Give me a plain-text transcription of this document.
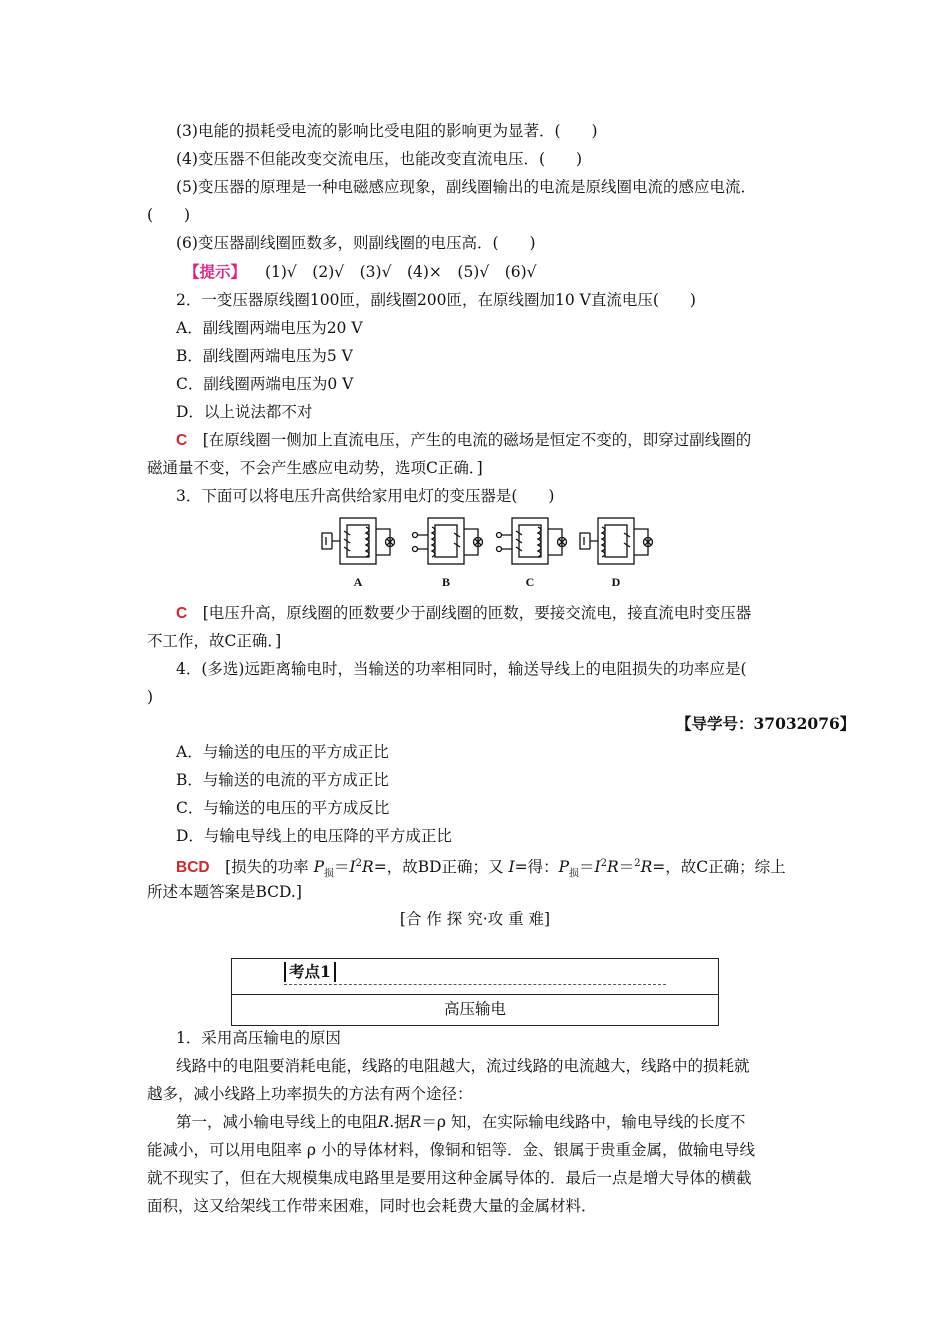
(3)电能的损耗受电流的影响比受电阻的影响更为显著．(　　)
(4)变压器不但能改变交流电压，也能改变直流电压．(　　)
(5)变压器的原理是一种电磁感应现象，副线圈输出的电流是原线圈电流的感应电流．
(　　)
(6)变压器副线圈匝数多，则副线圈的电压高．(　　)
【提示】 (1)√　(2)√　(3)√　(4)×　(5)√　(6)√
2．一变压器原线圈100匝，副线圈200匝，在原线圈加10 V直流电压(　　)
A．副线圈两端电压为20 V
B．副线圈两端电压为5 V
C．副线圈两端电压为0 V
D．以上说法都不对
C　[在原线圈一侧加上直流电压，产生的电流的磁场是恒定不变的，即穿过副线圈的
磁通量不变，不会产生感应电动势，选项C正确．]
3．下面可以将电压升高供给家用电灯的变压器是(　　)
A	B	C	D
C　[电压升高，原线圈的匝数要少于副线圈的匝数，要接交流电，接直流电时变压器
不工作，故C正确．]
4．(多选)远距离输电时，当输送的功率相同时，输送导线上的电阻损失的功率应是(
)
【导学号：37032076】
A．与输送的电压的平方成正比
B．与输送的电流的平方成正比
C．与输送的电压的平方成反比
D．与输电导线上的电压降的平方成正比
BCD　[损失的功率 $P_损=I^2R=$，故BD正确；又 I=得：$P_损=I^2R=^2R=$，故C正确；综上
所述本题答案是BCD.]
[合 作 探 究·攻 重 难]
考点1
高压输电
1．采用高压输电的原因
线路中的电阻要消耗电能，线路的电阻越大，流过线路的电流越大，线路中的损耗就
越多，减小线路上功率损失的方法有两个途径：
第一，减小输电导线上的电阻R.据R＝ρ 知，在实际输电线路中，输电导线的长度不
能减小，可以用电阻率 ρ 小的导体材料，像铜和铝等．金、银属于贵重金属，做输电导线
就不现实了，但在大规模集成电路里是要用这种金属导体的．最后一点是增大导体的横截
面积，这又给架线工作带来困难，同时也会耗费大量的金属材料．
